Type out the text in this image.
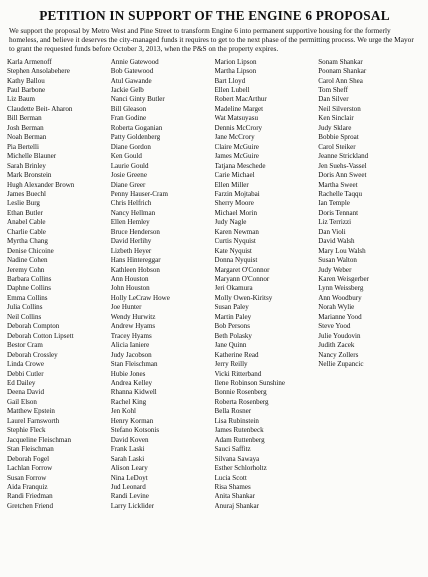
PETITION IN SUPPORT OF THE ENGINE 6 PROPOSAL
We support the proposal by Metro West and Pine Street to transform Engine 6 into permanent supportive housing for the formerly homeless, and believe it deserves the city-managed funds it requires to get to the next phase of the permitting process. We urge the Mayor to grant the requested funds before October 3, 2013, when the P&S on the property expires.
Karla Armenoff
Stephen Ansolabehere
Kathy Ballou
Paul Barbone
Liz Baum
Claudette Beit- Aharon
Bill Berman
Josh Berman
Noah Berman
Pia Bertelli
Michelle Blauner
Sarah Brinley
Mark Bronstein
Hugh Alexander Brown
James Buechl
Leslie Burg
Ethan Butler
Anabel Cable
Charlie Cable
Myrtha Chang
Denise Chicoine
Nadine Cohen
Jeremy Cohn
Barbara Collins
Daphne Collins
Emma Collins
Julia Collins
Neil Collins
Deborah Compton
Deborah Cotton Lipsett
Bestor Cram
Deborah Crossley
Linda Crowe
Debbi Cutler
Ed Dailey
Deena David
Gail Elson
Matthew Epstein
Laurel Farnsworth
Stephie Fleck
Jacqueline Fleischman
Stan Fleischman
Deborah Fogel
Lachlan Forrow
Susan Forrow
Aida Franquiz
Randi Friedman
Gretchen Friend
Annie Gatewood
Bob Gatewood
Atul Gawande
Jackie Gelb
Nanci Ginty Butler
Bill Gleason
Fran Godine
Roberta Goganian
Patty Goldenberg
Diane Gordon
Ken Gould
Laurie Gould
Josie Greene
Diane Greer
Penny Hauser-Cram
Chris Helfrich
Nancy Hellman
Ellen Hemley
Bruce Henderson
David Herlihy
Lizbeth Heyer
Hans Hintereggar
Kathleen Hobson
Ann Houston
John Houston
Holly LeCraw Howe
Joe Hunter
Wendy Hurwitz
Andrew Hyams
Tracey Hyams
Alicia Ianiere
Judy Jacobson
Stan Fleischman
Hubie Jones
Andrea Kelley
Rhanna Kidwell
Rachel King
Jen Kohl
Henry Korman
Stefano Kotsonis
David Koven
Frank Laski
Sarah Laski
Alison Leary
Nina LeDoyt
Jud Leonard
Randi Levine
Larry Licklider
Marion Lipson
Martha Lipson
Bart Lloyd
Ellen Lubell
Robert MacArthur
Madeline Marget
Wat Matsuyasu
Dennis McCrory
Jane McCrory
Claire McGuire
James McGuire
Tatjana Meschede
Carie Michael
Ellen Miller
Farzin Mojtabai
Sherry Moore
Michael Morin
Judy Nagle
Karen Newman
Curtis Nyquist
Kate Nyquist
Donna Nyquist
Margaret O'Connor
Maryann O'Connor
Jeri Okamura
Molly Owen-Kiritsy
Susan Paley
Martin Paley
Bob Persons
Beth Polasky
Jane Quinn
Katherine Read
Jerry Reilly
Vicki Ritterband
Ilene Robinson Sunshine
Bonnie Rosenberg
Roberta Rosenberg
Bella Rosner
Lisa Rubinstein
James Rutenbeck
Adam Ruttenberg
Sauci Saffitz
Silvana Sawaya
Esther Schlorholtz
Lucia Scott
Risa Shames
Anita Shankar
Anuraj Shankar
Sonam Shankar
Poonam Shankar
Carol Ann Shea
Tom Sheff
Dan Silver
Neil Silverston
Ken Sinclair
Judy Sklare
Bobbie Sproat
Carol Steiker
Jeanne Strickland
Jen Suehs-Vassel
Doris Ann Sweet
Martha Sweet
Rachelle Taqqu
Ian Temple
Doris Tennant
Liz Terrizzi
Dan Violi
David Walsh
Mary Lou Walsh
Susan Walton
Judy Weber
Karen Weisgerber
Lynn Weissberg
Ann Woodbury
Norah Wylie
Marianne Yood
Steve Yood
Julie Youdovin
Judith Zacek
Nancy Zollers
Nellie Zupancic
